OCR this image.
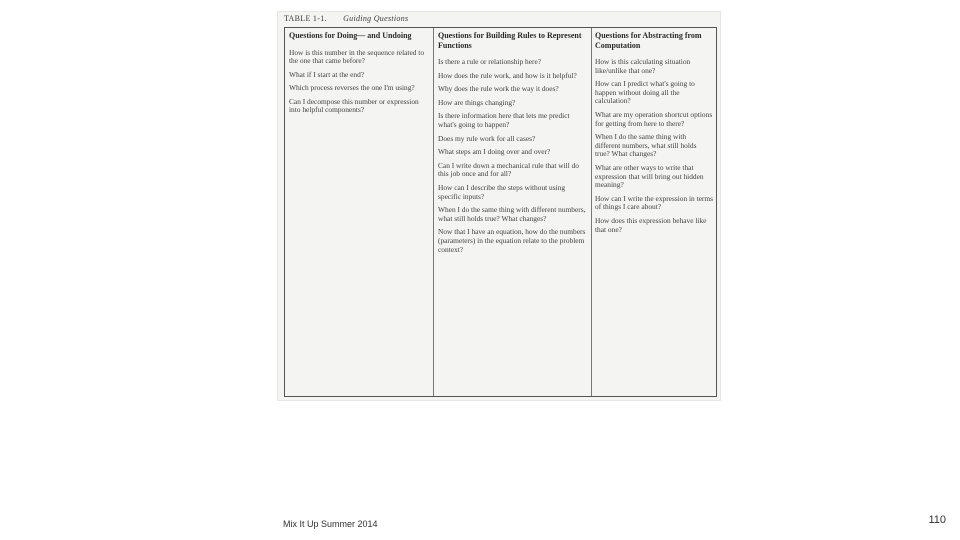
TABLE 1-1. Guiding Questions
Questions for Doing— and Undoing

How is this number in the sequence related to the one that came before?

What if I start at the end?

Which process reverses the one I'm using?

Can I decompose this number or expression into helpful components?

Questions for Building Rules to Represent Functions

Is there a rule or relationship here?

How does the rule work, and how is it helpful?

Why does the rule work the way it does?

How are things changing?

Is there information here that lets me predict what's going to happen?

Does my rule work for all cases?

What steps am I doing over and over?

Can I write down a mechanical rule that will do this job once and for all?

How can I describe the steps without using specific inputs?

When I do the same thing with different numbers, what still holds true? What changes?

Now that I have an equation, how do the numbers (parameters) in the equation relate to the problem context?

Questions for Abstracting from Computation

How is this calculating situation like/unlike that one?

How can I predict what's going to happen without doing all the calculation?

What are my operation shortcut options for getting from here to there?

When I do the same thing with different numbers, what still holds true? What changes?

What are other ways to write that expression that will bring out hidden meaning?

How can I write the expression in terms of things I care about?

How does this expression behave like that one?

Mix It Up Summer 2014	110
